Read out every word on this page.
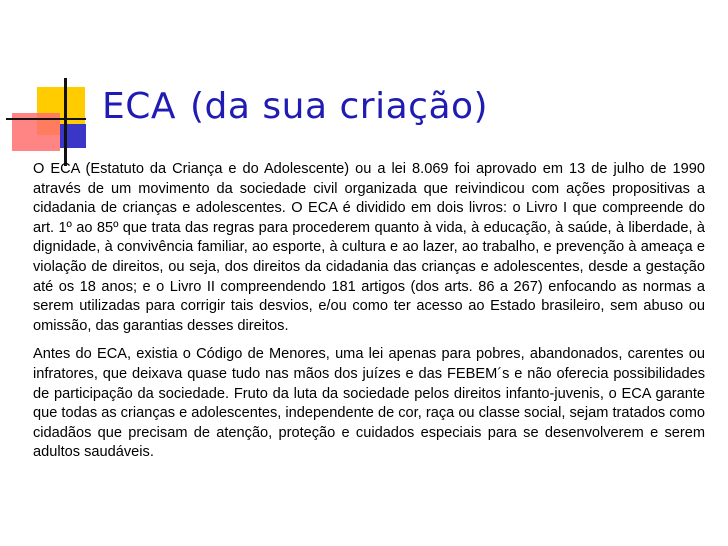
ECA (da sua criação)

O ECA (Estatuto da Criança e do Adolescente) ou a lei 8.069 foi aprovado em 13 de julho de 1990 através de um movimento da sociedade civil organizada que reivindicou com ações propositivas a cidadania de crianças e adolescentes. O ECA é dividido em dois livros: o Livro I que compreende do art. 1º ao 85º que trata das regras para procederem quanto à vida, à educação, à saúde, à liberdade, à dignidade, à convivência familiar, ao esporte, à cultura e ao lazer, ao trabalho, e prevenção à ameaça e violação de direitos, ou seja, dos direitos da cidadania das crianças e adolescentes, desde a gestação até os 18 anos; e o Livro II compreendendo 181 artigos (dos arts. 86 a 267) enfocando as normas a serem utilizadas para corrigir tais desvios, e/ou como ter acesso ao Estado brasileiro, sem abuso ou omissão, das garantias desses direitos.

Antes do ECA, existia o Código de Menores, uma lei apenas para pobres, abandonados, carentes ou infratores, que deixava quase tudo nas mãos dos juízes e das FEBEM´s e não oferecia possibilidades de participação da sociedade. Fruto da luta da sociedade pelos direitos infanto-juvenis, o ECA garante que todas as crianças e adolescentes, independente de cor, raça ou classe social, sejam tratados como cidadãos que precisam de atenção, proteção e cuidados especiais para se desenvolverem e serem adultos saudáveis.
